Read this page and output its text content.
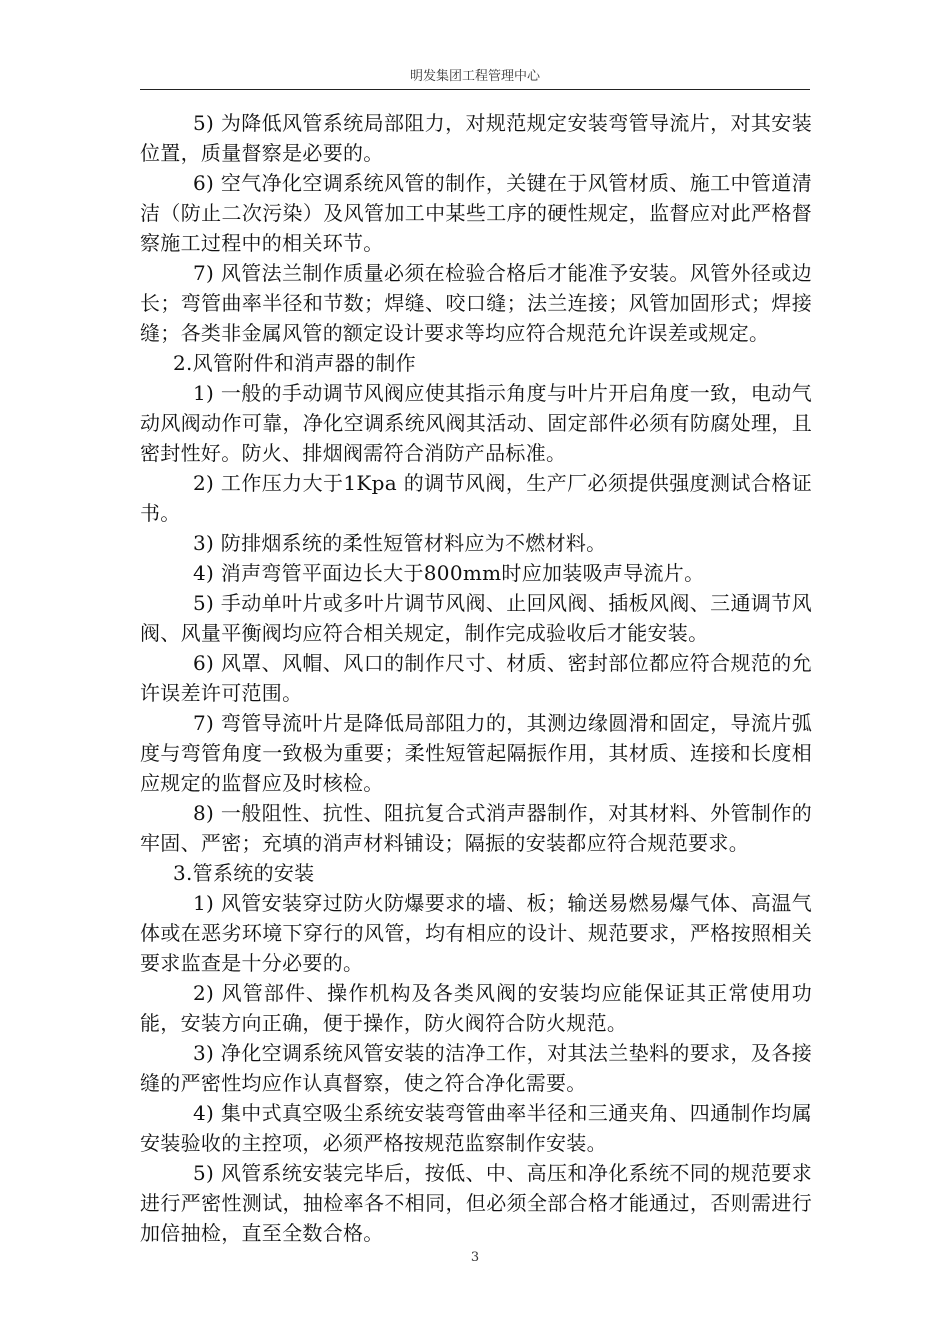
明发集团工程管理中心

5) 为降低风管系统局部阻力，对规范规定安装弯管导流片，对其安装位置，质量督察是必要的。

6) 空气净化空调系统风管的制作，关键在于风管材质、施工中管道清洁（防止二次污染）及风管加工中某些工序的硬性规定，监督应对此严格督察施工过程中的相关环节。

7) 风管法兰制作质量必须在检验合格后才能准予安装。风管外径或边长；弯管曲率半径和节数；焊缝、咬口缝；法兰连接；风管加固形式；焊接缝；各类非金属风管的额定设计要求等均应符合规范允许误差或规定。

2.风管附件和消声器的制作

1) 一般的手动调节风阀应使其指示角度与叶片开启角度一致，电动气动风阀动作可靠，净化空调系统风阀其活动、固定部件必须有防腐处理，且密封性好。防火、排烟阀需符合消防产品标准。

2) 工作压力大于1Kpa 的调节风阀，生产厂必须提供强度测试合格证书。

3) 防排烟系统的柔性短管材料应为不燃材料。

4) 消声弯管平面边长大于800mm时应加装吸声导流片。

5) 手动单叶片或多叶片调节风阀、止回风阀、插板风阀、三通调节风阀、风量平衡阀均应符合相关规定，制作完成验收后才能安装。

6) 风罩、风帽、风口的制作尺寸、材质、密封部位都应符合规范的允许误差许可范围。

7) 弯管导流叶片是降低局部阻力的，其测边缘圆滑和固定，导流片弧度与弯管角度一致极为重要；柔性短管起隔振作用，其材质、连接和长度相应规定的监督应及时核检。

8) 一般阻性、抗性、阻抗复合式消声器制作，对其材料、外管制作的牢固、严密；充填的消声材料铺设；隔振的安装都应符合规范要求。

3.管系统的安装

1) 风管安装穿过防火防爆要求的墙、板；输送易燃易爆气体、高温气体或在恶劣环境下穿行的风管，均有相应的设计、规范要求，严格按照相关要求监查是十分必要的。

2) 风管部件、操作机构及各类风阀的安装均应能保证其正常使用功能，安装方向正确，便于操作，防火阀符合防火规范。

3) 净化空调系统风管安装的洁净工作，对其法兰垫料的要求，及各接缝的严密性均应作认真督察，使之符合净化需要。

4) 集中式真空吸尘系统安装弯管曲率半径和三通夹角、四通制作均属安装验收的主控项，必须严格按规范监察制作安装。

5) 风管系统安装完毕后，按低、中、高压和净化系统不同的规范要求进行严密性测试，抽检率各不相同，但必须全部合格才能通过，否则需进行加倍抽检，直至全数合格。

3
